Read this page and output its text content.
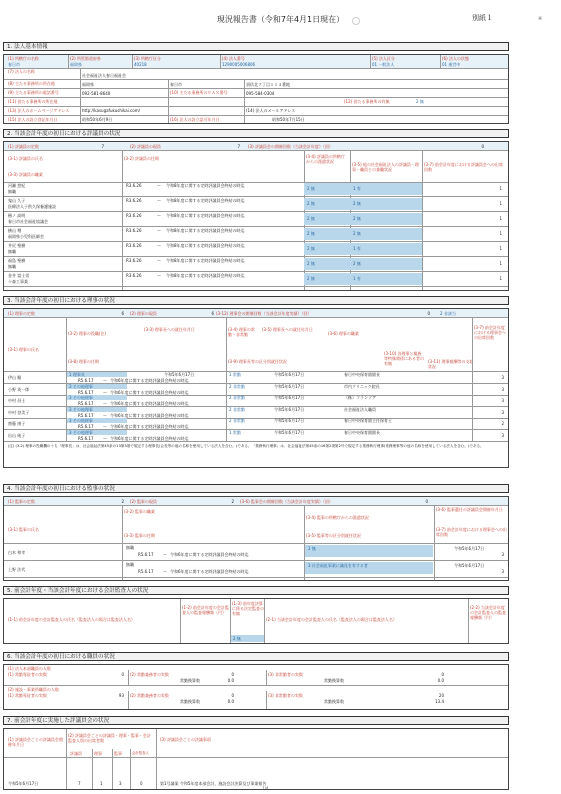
現況報告書（令和7年4月1日現在）	別紙１	※
1. 法人基本情報
(1) 所轄庁の名称	(2) 所管都道府県	(3) 所轄庁区分	(4) 法人番号	(5) 法人区分	(6) 法人の状態
春日市	福岡県	40218	1290005006806	01 一般法人	01 運営中
(7) 法人の名称
社会福祉法人春日福祉会
(8) 主たる事務所の所在地	福岡県	春日市	須玖北７丁目１１４番地
(9) 主たる事務所の電話番号	092-581-8640	(10) 主たる事務所のＦＡＸ番号	095-584-0304
(11) 従たる事務所の所在地	(12) 従たる事務所の有無	2 無
(13) 法人のホームページアドレス	http://kasugafukushikai.com/	(14) 法人のメールアドレス
(15) 法人の設立登記年月日	昭和50年6月9日	(16) 法人の設立認可年月日	昭和50年7月15日
2. 当該会計年度の初日における評議員の状況
(1) 評議員の定数	7	(2) 評議員の現員	7 (3) 評議員会の開催回数（当該会計年度）（回）	0
(3-1) 評議員の氏名	(3-2) 評議員の任期
(3-3) 評議員の職業
(3-4) 評議員の所轄庁からの派遣状況
(3-5) 他の社会福祉法人の評議員・理事・職員との兼職状況
(3-7) 前会計年度における評議員会への出席回数
河瀬 悠紀
無職
R3.6.26	〜	令和8年度に関する定時評議員会終結の時迄
2 無	1 有	1
鬼山 久子
医療法人子供久保養護施設
R3.6.26	〜	令和8年度に関する定時評議員会終結の時迄
2 無	2 無	1
檀ノ 高明
春日市社会福祉協議会
R3.6.26	〜	令和8年度に関する定時評議員会終結の時迄
2 無	2 無	1
横山 増
福岡県小児科医師会
R3.6.26	〜	令和8年度に関する定時評議員会終結の時迄
2 無	2 無	1
井尻 聖樹
無職
R3.6.26	〜	令和8年度に関する定時評議員会終結の時迄
2 無	1 有	1
福島 聖樹
無職
R3.6.26	〜	令和8年度に関する定時評議員会終結の時迄
2 無	2 無	1
金井 富士男
十森工事業
R3.6.26	〜	令和8年度に関する定時評議員会終結の時迄
2 無	1 有	1
3. 当該会計年度の初日における理事の状況
(1) 理事の定数	6 (2) 理事の現員	6 (3-12) 理事会の開催回数（当該会計年度実績）（回）	0	2 非該当
(3-1) 理事の氏名
(3-2) 理事の役職(注)
(3-3) 理事長への就任年月日	(3-4) 理事の常勤・非常勤
(3-5) 理事長への就任年月日
(3-6) 理事の職業
(3-7) 前会計年度における理事会への出席回数
(3-8) 理事の任期	(3-9) 理事長等の区分別就任状況
(3-10) 各理事と親族等特殊関係にある者の有無	(3-11) 理事報酬等の支給状況
(注) (3-2) 理事の役職欄のうち「理事長」は、社会福祉法第45条の13第3項で規定する理事長(会長等の他の名称を使用している法人を含む。)である。「業務執行理事」は、社会福祉法第45条の16第2項第2号で規定する業務執行理事(常務理事等の他の名称を使用している法人を含む。)である。
伊山 順
1 理事長	令和5年6月17日
R5.6.17	〜 令和6年度に関する定時評議員会終結の時迄
1 常勤	令和5年6月17日	春日中央保育園園長
3
小野 英一郎
3 その他理事
R5.6.17	〜 令和6年度に関する定時評議員会終結の時迄
2 非常勤	令和5年6月17日	市内クリニック院長
3
中村 昌士
3 その他理事
R5.6.17	〜 令和6年度に関する定時評議員会終結の時迄
2 非常勤	令和5年6月17日	（株）フランソア
3
中村 登美子
3 その他理事
R5.6.17	〜 令和6年度に関する定時評議員会終結の時迄
2 非常勤	令和5年6月17日	社会福祉法人職員
3
齋藤 康子
3 その他理事
R5.6.17	〜 令和6年度に関する定時評議員会終結の時迄
2 非常勤	令和5年6月17日	春日中央保育園主任保育士
2
出山 純子
3 その他理事
R5.6.17	〜 令和6年度に関する定時評議員会終結の時迄
1 常勤	令和5年6月17日	春日中央保育園園長
3
4. 当該会計年度の初日における監事の状況
(1) 監事の定数	2 (2) 監事の現員	2 (3-6) 監事会の開催回数（当該会計年度実績）（回）	0
(3-1) 監事の氏名
(3-2) 監事の職業
(3-3) 監事の任期
(3-4) 監事の所轄庁からの派遣状況
(3-5) 監事等の区分別就任状況
(3-6) 監事選任の評議員会開催年月日
(3-7) 前会計年度における理事会への出席回数
白木 和幸
無職
R5.6.17	〜 令和6年度に関する定時評議員会終結の時迄
2 無	令和5年6月17日
3
上野 法代
無職
R5.6.17	〜 令和6年度に関する定時評議員会終結の時迄
3 社会福祉事業に識見を有する者	令和5年6月17日
3
5. 前会計年度・当該会計年度における会計監査人の状況
(1-1) 前会計年度の会計監査人の氏名（監査法人の場合は監査法人名）
(1-2) 前会計年度の会計監査人の監査報酬額（円）
(1-3) 前年度決算に係る法定監査の有無
(2-1) 当該会計年度の会計監査人の氏名（監査法人の場合は監査法人名）
(2-2) 当該会計年度の会計監査人の監査報酬額（円）
2 無
6. 当該会計年度の初日における職員の状況
(1) 法人本部職員の人数
(1) 常勤専従者の実数	0 (2) 常勤兼務者の実数	0	(3) 非常勤者の実数	0
常勤換算数	0.0	常勤換算数	0.0
(2) 施設・事業所職員の人数
(1) 常勤専従者の実数	93 (2) 常勤兼務者の実数	0	(3) 非常勤者の実数	20
常勤換算数	0.0	常勤換算数	13.4
7. 前会計年度に実施した評議員会の状況
(1) 評議員会ごとの評議員会開催年月日
(2) 評議員会ごとの評議員・理事・監事・会計監査人別の出席者数	(3) 評議員会ごとの決議事項
評議員	理事	監事	会計監査人
令和5年6月17日	7	1	3	0	第1号議案 令和5年度本部会計、施設会計決算及び事業報告
1/4
